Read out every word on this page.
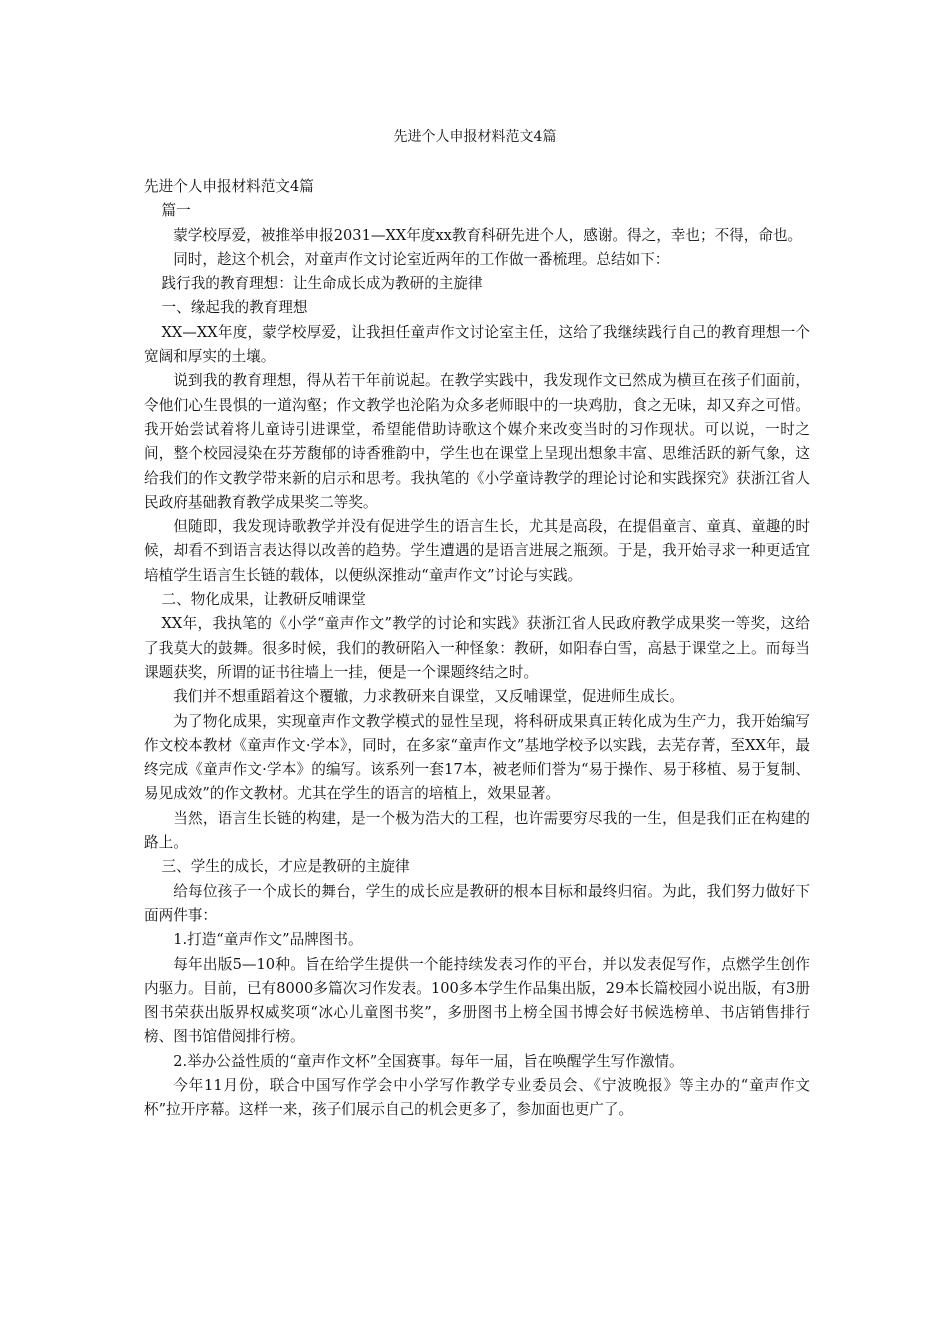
先进个人申报材料范文4篇

先进个人申报材料范文4篇

篇一

蒙学校厚爱，被推举申报2031—XX年度xx教育科研先进个人，感谢。得之，幸也；不得，命也。

同时，趁这个机会，对童声作文讨论室近两年的工作做一番梳理。总结如下：

践行我的教育理想：让生命成长成为教研的主旋律

一、缘起我的教育理想

XX—XX年度，蒙学校厚爱，让我担任童声作文讨论室主任，这给了我继续践行自己的教育理想一个宽阔和厚实的土壤。

说到我的教育理想，得从若干年前说起。在教学实践中，我发现作文已然成为横亘在孩子们面前，令他们心生畏惧的一道沟壑；作文教学也沦陷为众多老师眼中的一块鸡肋，食之无味，却又弃之可惜。我开始尝试着将儿童诗引进课堂，希望能借助诗歌这个媒介来改变当时的习作现状。可以说，一时之间，整个校园浸染在芬芳馥郁的诗香雅韵中，学生也在课堂上呈现出想象丰富、思维活跃的新气象，这给我们的作文教学带来新的启示和思考。我执笔的《小学童诗教学的理论讨论和实践探究》获浙江省人民政府基础教育教学成果奖二等奖。

但随即，我发现诗歌教学并没有促进学生的语言生长，尤其是高段，在提倡童言、童真、童趣的时候，却看不到语言表达得以改善的趋势。学生遭遇的是语言进展之瓶颈。于是，我开始寻求一种更适宜培植学生语言生长链的载体，以便纵深推动“童声作文”讨论与实践。

二、物化成果，让教研反哺课堂

XX年，我执笔的《小学“童声作文”教学的讨论和实践》获浙江省人民政府教学成果奖一等奖，这给了我莫大的鼓舞。很多时候，我们的教研陷入一种怪象：教研，如阳春白雪，高悬于课堂之上。而每当课题获奖，所谓的证书往墙上一挂，便是一个课题终结之时。

我们并不想重蹈着这个覆辙，力求教研来自课堂，又反哺课堂，促进师生成长。

为了物化成果，实现童声作文教学模式的显性呈现，将科研成果真正转化成为生产力，我开始编写作文校本教材《童声作文·学本》，同时，在多家“童声作文”基地学校予以实践，去芜存菁，至XX年，最终完成《童声作文·学本》的编写。该系列一套17本，被老师们誉为“易于操作、易于移植、易于复制、易见成效”的作文教材。尤其在学生的语言的培植上，效果显著。

当然，语言生长链的构建，是一个极为浩大的工程，也许需要穷尽我的一生，但是我们正在构建的路上。

三、学生的成长，才应是教研的主旋律

给每位孩子一个成长的舞台，学生的成长应是教研的根本目标和最终归宿。为此，我们努力做好下面两件事：

1.打造“童声作文”品牌图书。

每年出版5—10种。旨在给学生提供一个能持续发表习作的平台，并以发表促写作，点燃学生创作内驱力。目前，已有8000多篇次习作发表。100多本学生作品集出版，29本长篇校园小说出版，有3册图书荣获出版界权威奖项“冰心儿童图书奖”，多册图书上榜全国书博会好书候选榜单、书店销售排行榜、图书馆借阅排行榜。

2.举办公益性质的“童声作文杯”全国赛事。每年一届，旨在唤醒学生写作激情。

今年11月份，联合中国写作学会中小学写作教学专业委员会、《宁波晚报》等主办的“童声作文杯”拉开序幕。这样一来，孩子们展示自己的机会更多了，参加面也更广了。
